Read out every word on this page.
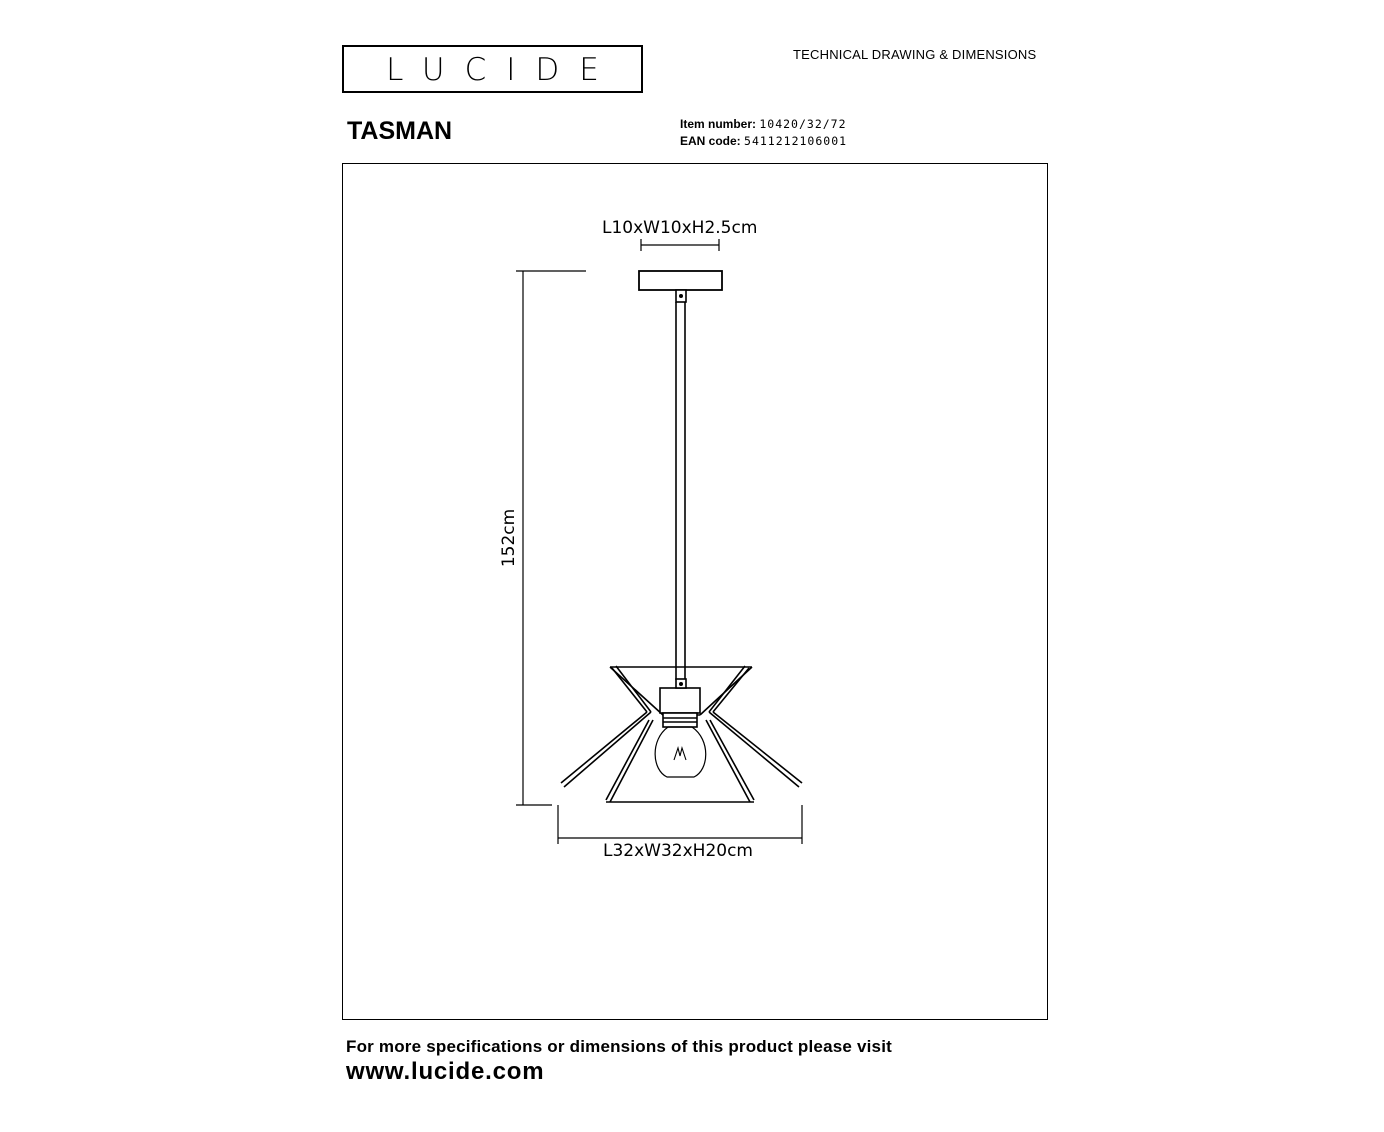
LUCIDE	TECHNICAL DRAWING & DIMENSIONS
TASMAN	Item number: 10420/32/72
EAN code: 5411212106001
L10xW10xH2.5cm
152cm
L32xW32xH20cm
For more specifications or dimensions of this product please visit
www.lucide.com
